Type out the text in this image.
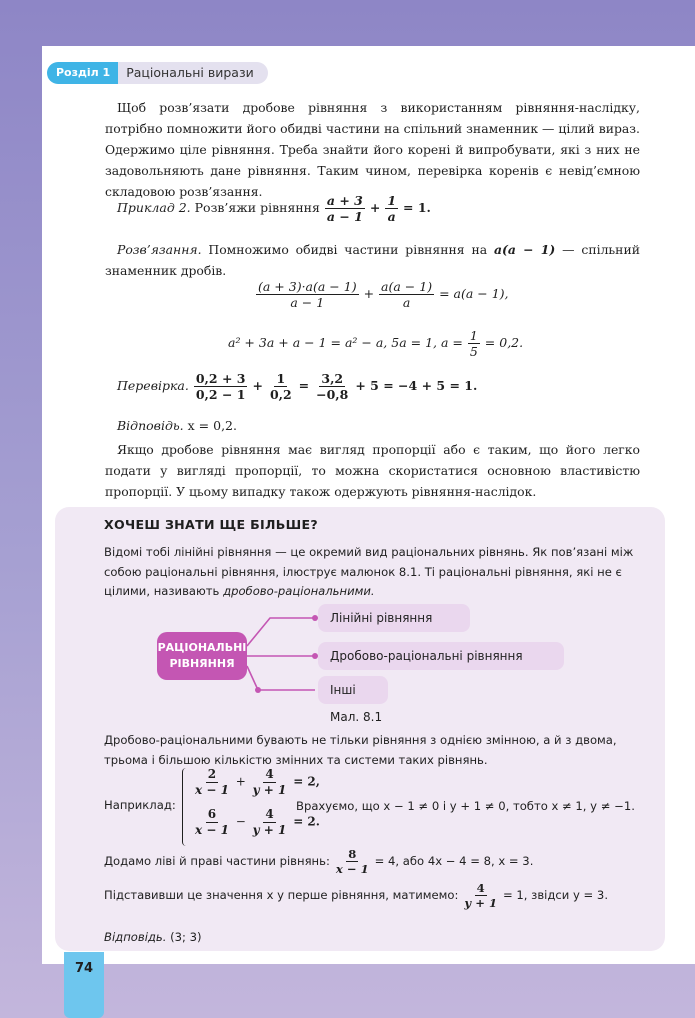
Розділ 1	Раціональні вирази
Щоб розв’язати дробове рівняння з використанням рівняння-наслідку, потрібно помножити його обидві частини на спільний знаменник — цілий вираз. Одержимо ціле рівняння. Треба знайти його корені й випробувати, які з них не задовольняють дане рівняння. Таким чином, перевірка коренів є невід’ємною складовою розв’язання.
Приклад 2. Розв’яжи рівняння $\frac{a + 3}{a - 1} + \frac{1}{a} = 1$.
Розв’язання. Помножимо обидві частини рівняння на a(a − 1) — спільний знаменник дробів.
$\frac{(a + 3)\cdot a(a - 1)}{a - 1} + \frac{a(a - 1)}{a} = a(a - 1)$,
a² + 3a + a − 1 = a² − a, 5a = 1, $a = \frac{1}{5} = 0,2$.
Перевірка. $\frac{0,2 + 3}{0,2 - 1} + \frac{1}{0,2} = \frac{3,2}{-0,8} + 5 = -4 + 5 = 1$.
Відповідь. x = 0,2.
Якщо дробове рівняння має вигляд пропорції або є таким, що його легко подати у вигляді пропорції, то можна скористатися основною властивістю пропорції. У цьому випадку також одержують рівняння-наслідок.
ХОЧЕШ ЗНАТИ ЩЕ БІЛЬШЕ?
Відомі тобі лінійні рівняння — це окремий вид раціональних рівнянь. Як пов’язані між собою раціональні рівняння, ілюструє малюнок 8.1. Ті раціональні рівняння, які не є цілими, називають дробово-раціональними.
РАЦІОНАЛЬНІ
РІВНЯННЯ
Лінійні рівняння
Дробово-раціональні рівняння
Інші
Мал. 8.1
Дробово-раціональними бувають не тільки рівняння з однією змінною, а й з двома, трьома і більшою кількістю змінних та системи таких рівнянь.
Наприклад:
$\frac{2}{x - 1} + \frac{4}{y + 1} = 2$,
$\frac{6}{x - 1} - \frac{4}{y + 1} = 2$.
Врахуємо, що x − 1 ≠ 0 і y + 1 ≠ 0, тобто x ≠ 1, y ≠ −1.
Додамо ліві й праві частини рівнянь: $\frac{8}{x - 1} = 4$, або 4x − 4 = 8, x = 3.
Підставивши це значення x у перше рівняння, матимемо: $\frac{4}{y + 1} = 1$, звідси y = 3.
Відповідь. (3; 3)
74
